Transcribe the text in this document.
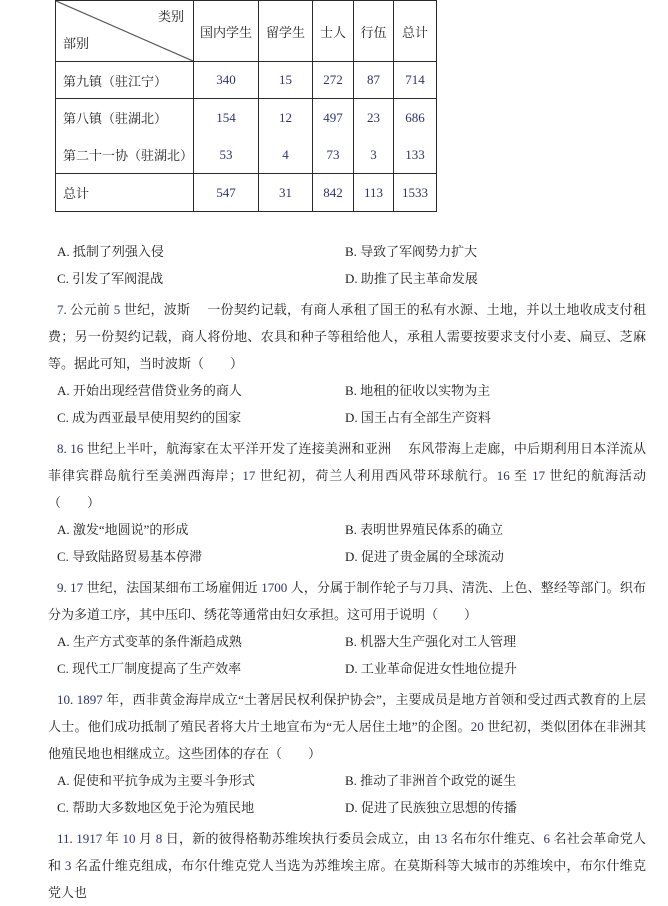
类别
部别	国内学生	留学生	士人	行伍	总计
第九镇（驻江宁）	340	15	272	87	714
第八镇（驻湖北）	154	12	497	23	686
第二十一协（驻湖北）	53	4	73	3	133
总计	547	31	842	113	1533
A. 抵制了列强入侵	B. 导致了军阀势力扩大
C. 引发了军阀混战	D. 助推了民主革命发展

7. 公元前 5 世纪，波斯　 一份契约记载，有商人承租了国王的私有水源、土地，并以土地收成支付租费；另一份契约记载，商人将份地、农具和种子等租给他人，承租人需要按要求支付小麦、扁豆、芝麻等。据此可知，当时波斯（　　）

A. 开始出现经营借贷业务的商人	B. 地租的征收以实物为主
C. 成为西亚最早使用契约的国家	D. 国王占有全部生产资料

8. 16 世纪上半叶，航海家在太平洋开发了连接美洲和亚洲　 东风带海上走廊，中后期利用日本洋流从菲律宾群岛航行至美洲西海岸；17 世纪初，荷兰人利用西风带环球航行。16 至 17 世纪的航海活动（　　）

A. 激发“地圆说”的形成	B. 表明世界殖民体系的确立
C. 导致陆路贸易基本停滞	D. 促进了贵金属的全球流动

9. 17 世纪，法国某细布工场雇佣近 1700 人，分属于制作轮子与刀具、清洗、上色、整经等部门。织布分为多道工序，其中压印、绣花等通常由妇女承担。这可用于说明（　　）

A. 生产方式变革的条件渐趋成熟	B. 机器大生产强化对工人管理
C. 现代工厂制度提高了生产效率	D. 工业革命促进女性地位提升

10. 1897 年，西非黄金海岸成立“土著居民权利保护协会”，主要成员是地方首领和受过西式教育的上层人士。他们成功抵制了殖民者将大片土地宣布为“无人居住土地”的企图。20 世纪初，类似团体在非洲其他殖民地也相继成立。这些团体的存在（　　）

A. 促使和平抗争成为主要斗争形式	B. 推动了非洲首个政党的诞生
C. 帮助大多数地区免于沦为殖民地	D. 促进了民族独立思想的传播

11. 1917 年 10 月 8 日，新的彼得格勒苏维埃执行委员会成立，由 13 名布尔什维克、6 名社会革命党人和 3 名孟什维克组成，布尔什维克党人当选为苏维埃主席。在莫斯科等大城市的苏维埃中，布尔什维克党人也
